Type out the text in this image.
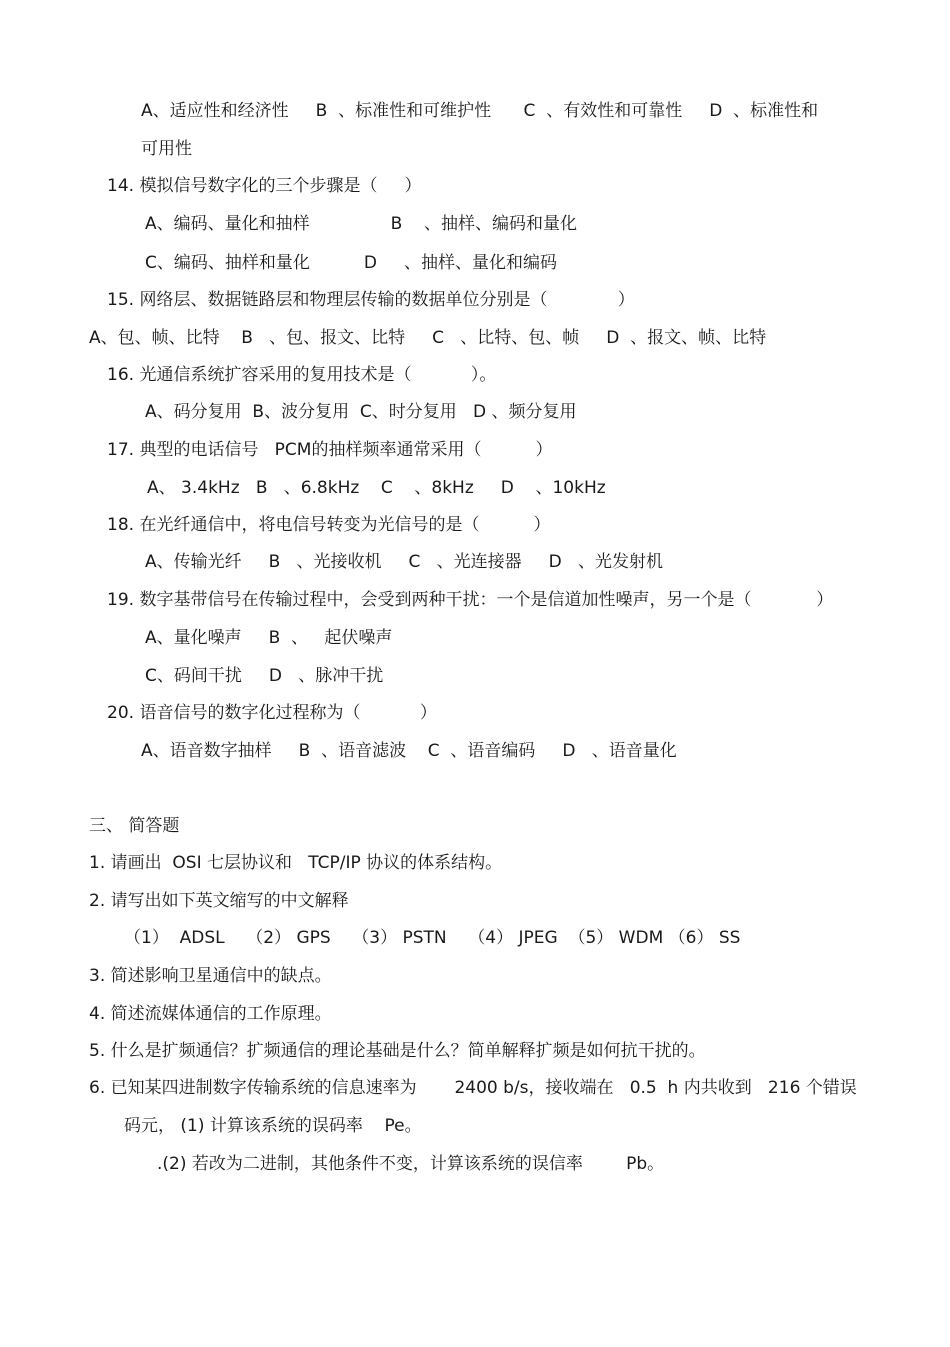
A、适应性和经济性     B  、标准性和可维护性      C  、有效性和可靠性     D  、标准性和
可用性
14. 模拟信号数字化的三个步骤是（     ）
A、编码、量化和抽样               B    、抽样、编码和量化
C、编码、抽样和量化          D     、抽样、量化和编码
15. 网络层、数据链路层和物理层传输的数据单位分别是（             ）
A、包、帧、比特    B   、包、报文、比特     C   、比特、包、帧     D  、报文、帧、比特
16. 光通信系统扩容采用的复用技术是（           ）。
A、码分复用  B、波分复用  C、时分复用   D 、频分复用
17. 典型的电话信号   PCM的抽样频率通常采用（          ）
A、 3.4kHz   B   、6.8kHz    C    、8kHz     D    、10kHz
18. 在光纤通信中，将电信号转变为光信号的是（          ）
A、传输光纤     B   、光接收机     C   、光连接器     D   、光发射机
19. 数字基带信号在传输过程中，会受到两种干扰：一个是信道加性噪声，另一个是（            ）
A、量化噪声     B  、   起伏噪声
C、码间干扰     D   、脉冲干扰
20. 语音信号的数字化过程称为（           ）
A、语音数字抽样     B  、语音滤波    C  、语音编码     D   、语音量化
三、 简答题
1. 请画出  OSI 七层协议和   TCP/IP 协议的体系结构。
2. 请写出如下英文缩写的中文解释
（1）  ADSL    （2） GPS    （3） PSTN    （4） JPEG  （5） WDM （6） SS
3. 简述影响卫星通信中的缺点。
4. 简述流媒体通信的工作原理。
5. 什么是扩频通信？扩频通信的理论基础是什么？简单解释扩频是如何抗干扰的。
6. 已知某四进制数字传输系统的信息速率为       2400 b/s，接收端在   0.5  h 内共收到   216 个错误
码元， (1) 计算该系统的误码率    Pe。
.(2) 若改为二进制，其他条件不变，计算该系统的误信率        Pb。
